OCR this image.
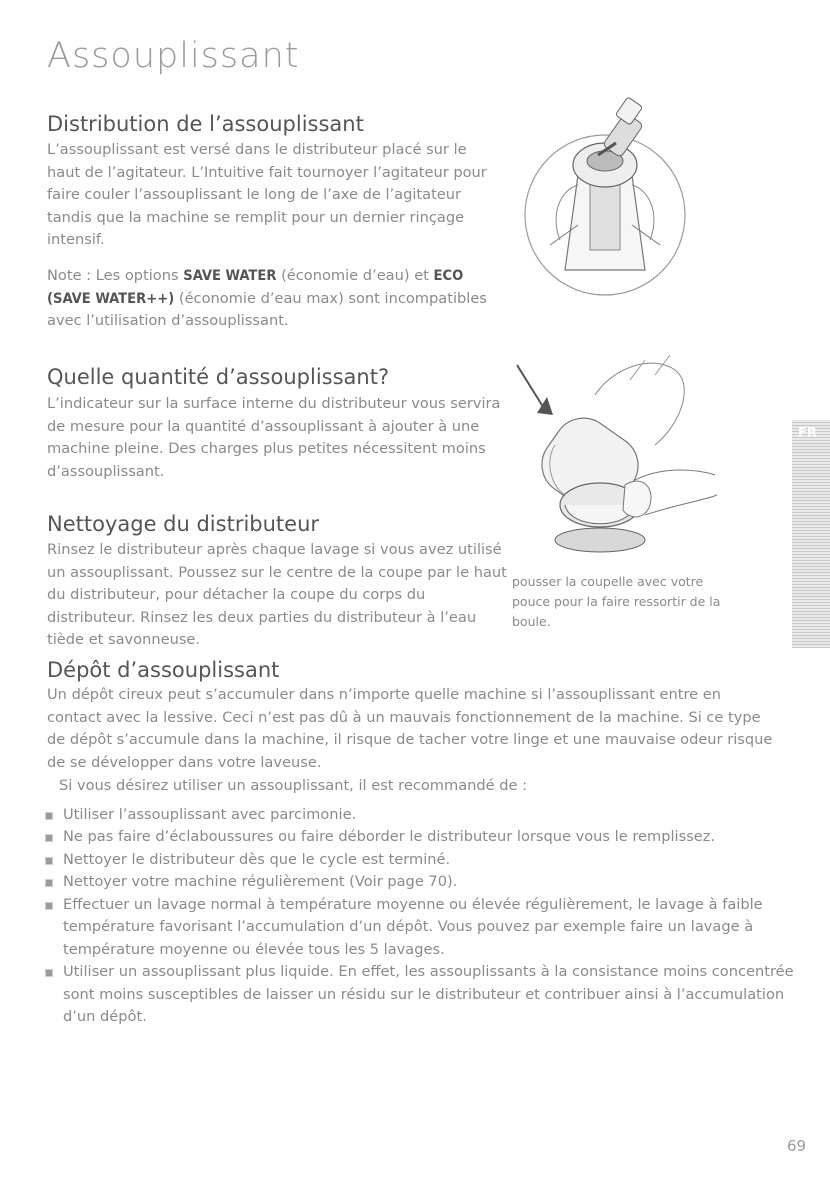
Assouplissant
Distribution de l’assouplissant

L’assouplissant est versé dans le distributeur placé sur le haut de l’agitateur. L’Intuitive fait tournoyer l’agitateur pour faire couler l’assouplissant le long de l’axe de l’agitateur tandis que la machine se remplit pour un dernier rinçage intensif.

Note : Les options SAVE WATER (économie d’eau) et ECO (SAVE WATER++) (économie d’eau max) sont incompatibles avec l’utilisation d’assouplissant.

Quelle quantité d’assouplissant?

L’indicateur sur la surface interne du distributeur vous servira de mesure pour la quantité d’assouplissant à ajouter à une machine pleine. Des charges plus petites nécessitent moins d’assouplissant.

Nettoyage du distributeur

Rinsez le distributeur après chaque lavage si vous avez utilisé un assouplissant. Poussez sur le centre de la coupe par le haut du distributeur, pour détacher la coupe du corps du distributeur. Rinsez les deux parties du distributeur à l’eau tiède et savonneuse.

pousser la coupelle avec votre pouce pour la faire ressortir de la boule.

FR
Dépôt d’assouplissant

Un dépôt cireux peut s’accumuler dans n’importe quelle machine si l’assouplissant entre en contact avec la lessive. Ceci n’est pas dû à un mauvais fonctionnement de la machine. Si ce type de dépôt s’accumule dans la machine, il risque de tacher votre linge et une mauvaise odeur risque de se développer dans votre laveuse.

Si vous désirez utiliser un assouplissant, il est recommandé de :

Utiliser l’assouplissant avec parcimonie.
Ne pas faire d’éclaboussures ou faire déborder le distributeur lorsque vous le remplissez.
Nettoyer le distributeur dès que le cycle est terminé.
Nettoyer votre machine régulièrement (Voir page 70).
Effectuer un lavage normal à température moyenne ou élevée régulièrement, le lavage à faible température favorisant l’accumulation d’un dépôt. Vous pouvez par exemple faire un lavage à température moyenne ou élevée tous les 5 lavages.
Utiliser un assouplissant plus liquide. En effet, les assouplissants à la consistance moins concentrée sont moins susceptibles de laisser un résidu sur le distributeur et contribuer ainsi à l’accumulation d’un dépôt.
69
